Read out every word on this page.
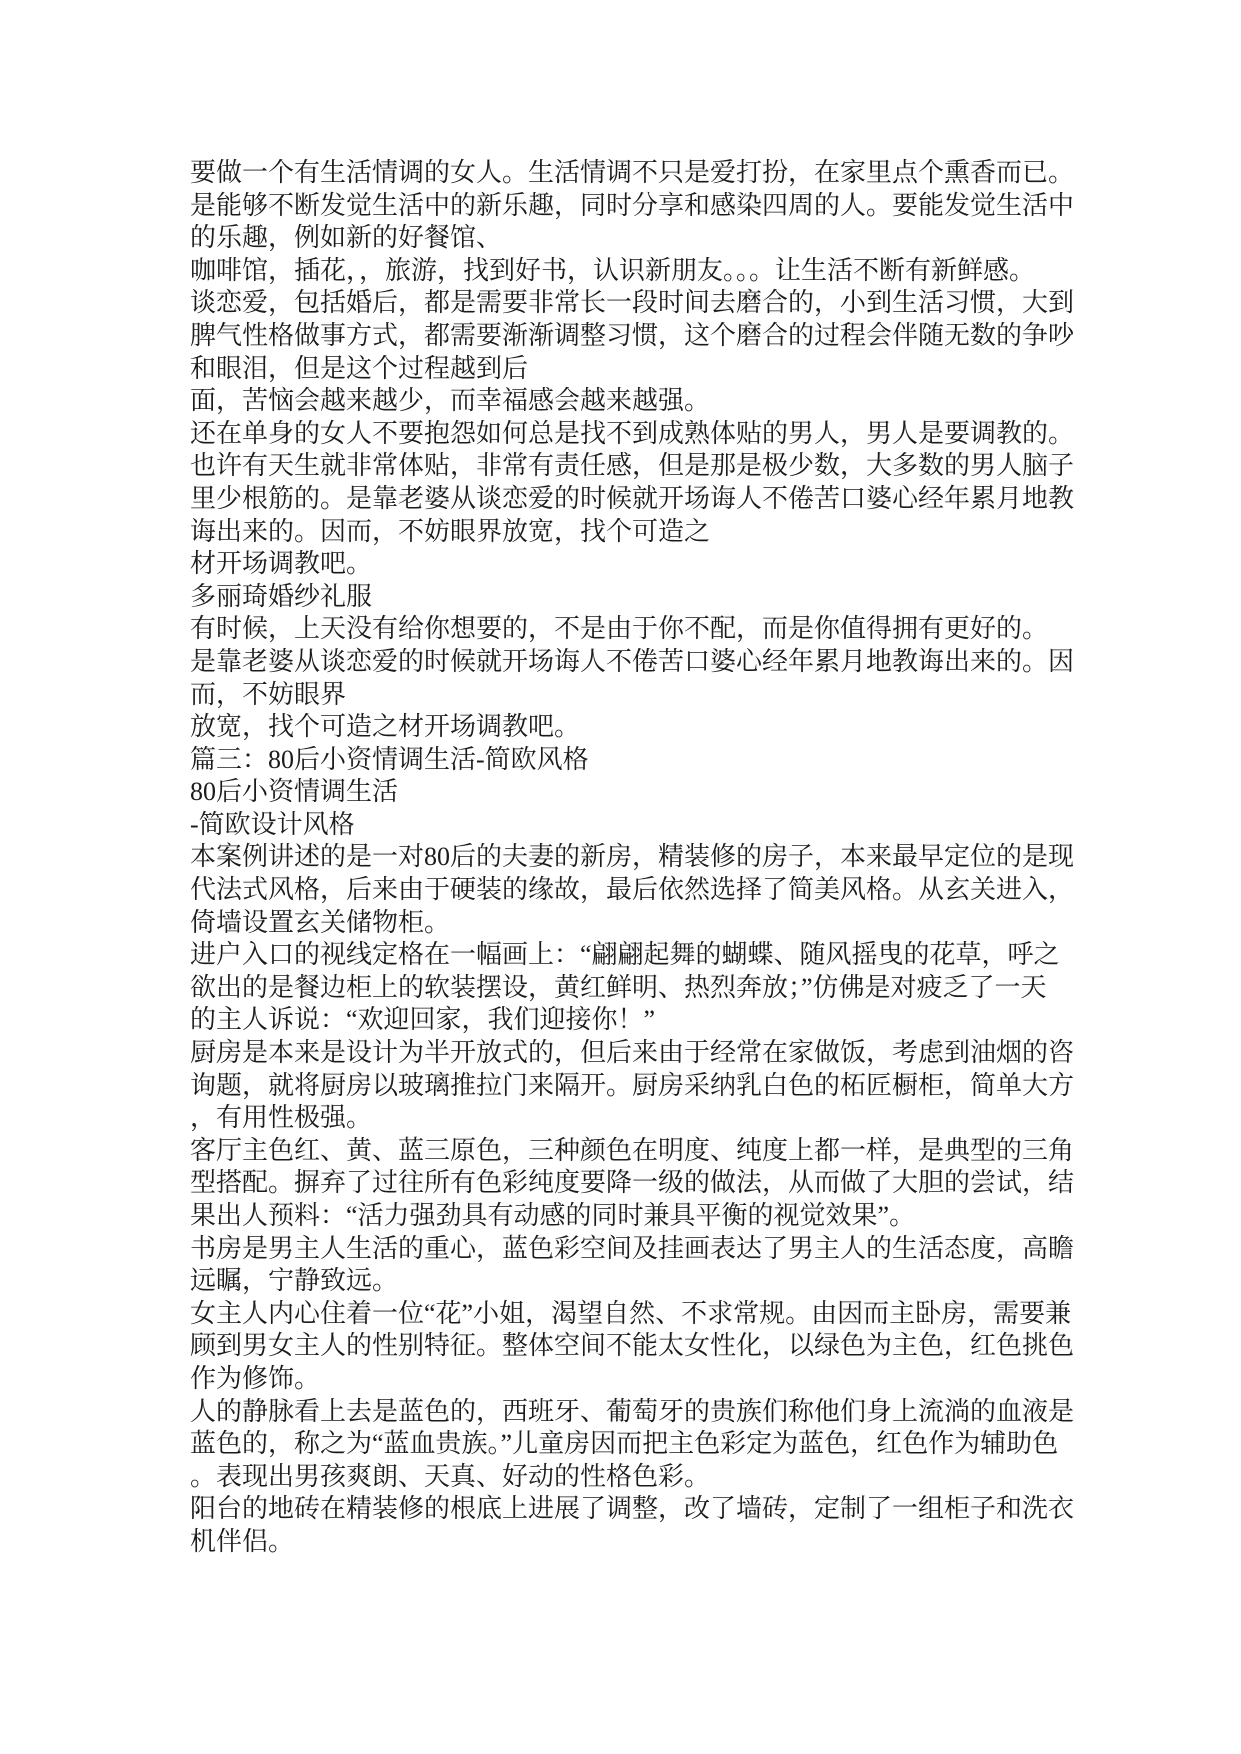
要做一个有生活情调的女人。生活情调不只是爱打扮，在家里点个熏香而已。
是能够不断发觉生活中的新乐趣，同时分享和感染四周的人。要能发觉生活中
的乐趣，例如新的好餐馆、
咖啡馆，插花，，旅游，找到好书，认识新朋友。。。让生活不断有新鲜感。
谈恋爱，包括婚后，都是需要非常长一段时间去磨合的，小到生活习惯，大到
脾气性格做事方式，都需要渐渐调整习惯，这个磨合的过程会伴随无数的争吵
和眼泪，但是这个过程越到后
面，苦恼会越来越少，而幸福感会越来越强。
还在单身的女人不要抱怨如何总是找不到成熟体贴的男人，男人是要调教的。
也许有天生就非常体贴，非常有责任感，但是那是极少数，大多数的男人脑子
里少根筋的。是靠老婆从谈恋爱的时候就开场诲人不倦苦口婆心经年累月地教
诲出来的。因而，不妨眼界放宽，找个可造之
材开场调教吧。
多丽琦婚纱礼服
有时候，上天没有给你想要的，不是由于你不配，而是你值得拥有更好的。
是靠老婆从谈恋爱的时候就开场诲人不倦苦口婆心经年累月地教诲出来的。因
而，不妨眼界
放宽，找个可造之材开场调教吧。
篇三：80后小资情调生活-简欧风格
80后小资情调生活
-简欧设计风格
本案例讲述的是一对80后的夫妻的新房，精装修的房子，本来最早定位的是现
代法式风格，后来由于硬装的缘故，最后依然选择了简美风格。从玄关进入，
倚墙设置玄关储物柜。
进户入口的视线定格在一幅画上：“翩翩起舞的蝴蝶、随风摇曳的花草，呼之
欲出的是餐边柜上的软装摆设，黄红鲜明、热烈奔放；”仿佛是对疲乏了一天
的主人诉说：“欢迎回家，我们迎接你！”
厨房是本来是设计为半开放式的，但后来由于经常在家做饭，考虑到油烟的咨
询题，就将厨房以玻璃推拉门来隔开。厨房采纳乳白色的柘匠橱柜，简单大方
，有用性极强。
客厅主色红、黄、蓝三原色，三种颜色在明度、纯度上都一样，是典型的三角
型搭配。摒弃了过往所有色彩纯度要降一级的做法，从而做了大胆的尝试，结
果出人预料：“活力强劲具有动感的同时兼具平衡的视觉效果”。
书房是男主人生活的重心，蓝色彩空间及挂画表达了男主人的生活态度，高瞻
远瞩，宁静致远。
女主人内心住着一位“花”小姐，渴望自然、不求常规。由因而主卧房，需要兼
顾到男女主人的性别特征。整体空间不能太女性化，以绿色为主色，红色挑色
作为修饰。
人的静脉看上去是蓝色的，西班牙、葡萄牙的贵族们称他们身上流淌的血液是
蓝色的，称之为“蓝血贵族。”儿童房因而把主色彩定为蓝色，红色作为辅助色
。表现出男孩爽朗、天真、好动的性格色彩。
阳台的地砖在精装修的根底上进展了调整，改了墙砖，定制了一组柜子和洗衣
机伴侣。
